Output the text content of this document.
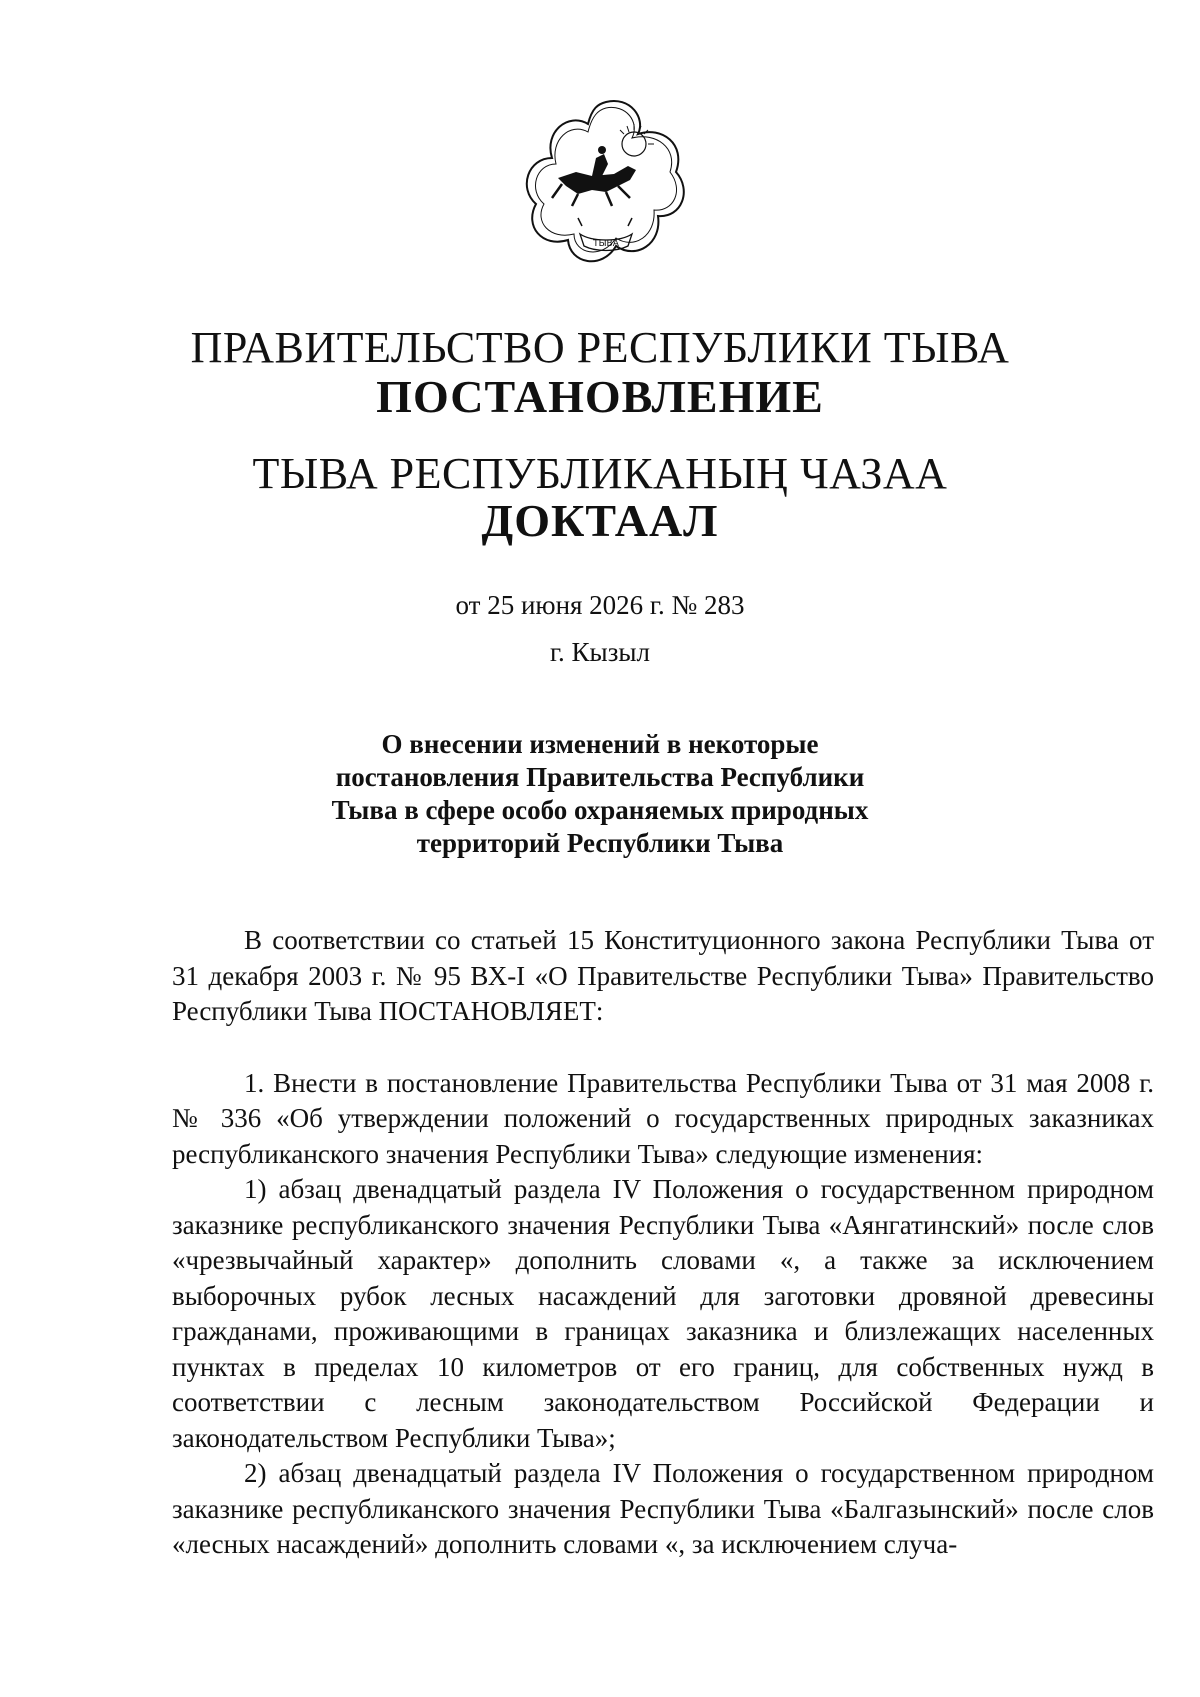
ТЫВА
ПРАВИТЕЛЬСТВО РЕСПУБЛИКИ ТЫВА
ПОСТАНОВЛЕНИЕ
ТЫВА РЕСПУБЛИКАНЫҢ ЧАЗАА
ДОКТААЛ
от 25 июня 2026 г. № 283
г. Кызыл
О внесении изменений в некоторые
постановления Правительства Республики
Тыва в сфере особо охраняемых природных
территорий Республики Тыва

В соответствии со статьей 15 Конституционного закона Республики Тыва от 31 декабря 2003 г. № 95 ВХ-I «О Правительстве Республики Тыва» Правительство Республики Тыва ПОСТАНОВЛЯЕТ:

1. Внести в постановление Правительства Республики Тыва от 31 мая 2008 г. № 336 «Об утверждении положений о государственных природных заказниках республиканского значения Республики Тыва» следующие изменения:

1) абзац двенадцатый раздела IV Положения о государственном природном заказнике республиканского значения Республики Тыва «Аянгатинский» после слов «чрезвычайный характер» дополнить словами «, а также за исключением выборочных рубок лесных насаждений для заготовки дровяной древесины гражданами, проживающими в границах заказника и близлежащих населенных пунктах в пределах 10 километров от его границ, для собственных нужд в соответствии с лесным законодательством Российской Федерации и законодательством Республики Тыва»;

2) абзац двенадцатый раздела IV Положения о государственном природном заказнике республиканского значения Республики Тыва «Балгазынский» после слов «лесных насаждений» дополнить словами «, за исключением случа-
